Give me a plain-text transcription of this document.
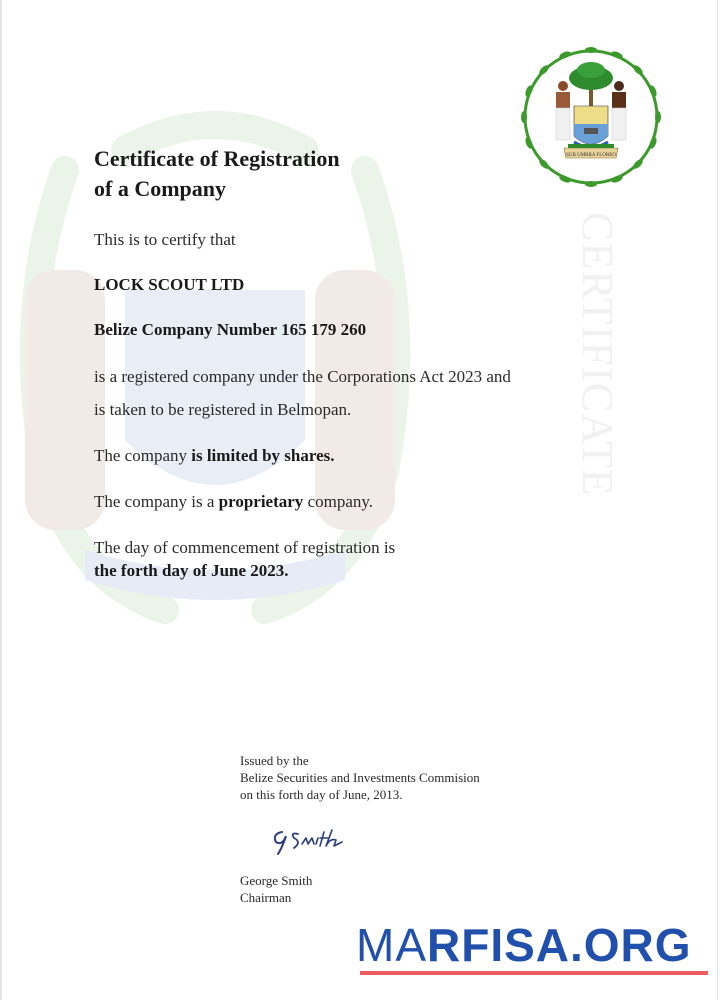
CERTIFICATE
SUB UMBRA FLOREO
Certificate of Registration
of a Company

This is to certify that

LOCK SCOUT LTD

Belize Company Number 165 179 260

is a registered company under the Corporations Act 2023 and

is taken to be registered in Belmopan.

The company is limited by shares.

The company is a proprietary company.

The day of commencement of registration is

the forth day of June 2023.

Issued by the
Belize Securities and Investments Commision
on this forth day of June, 2013.
George Smith
Chairman
MARFISA.ORG
